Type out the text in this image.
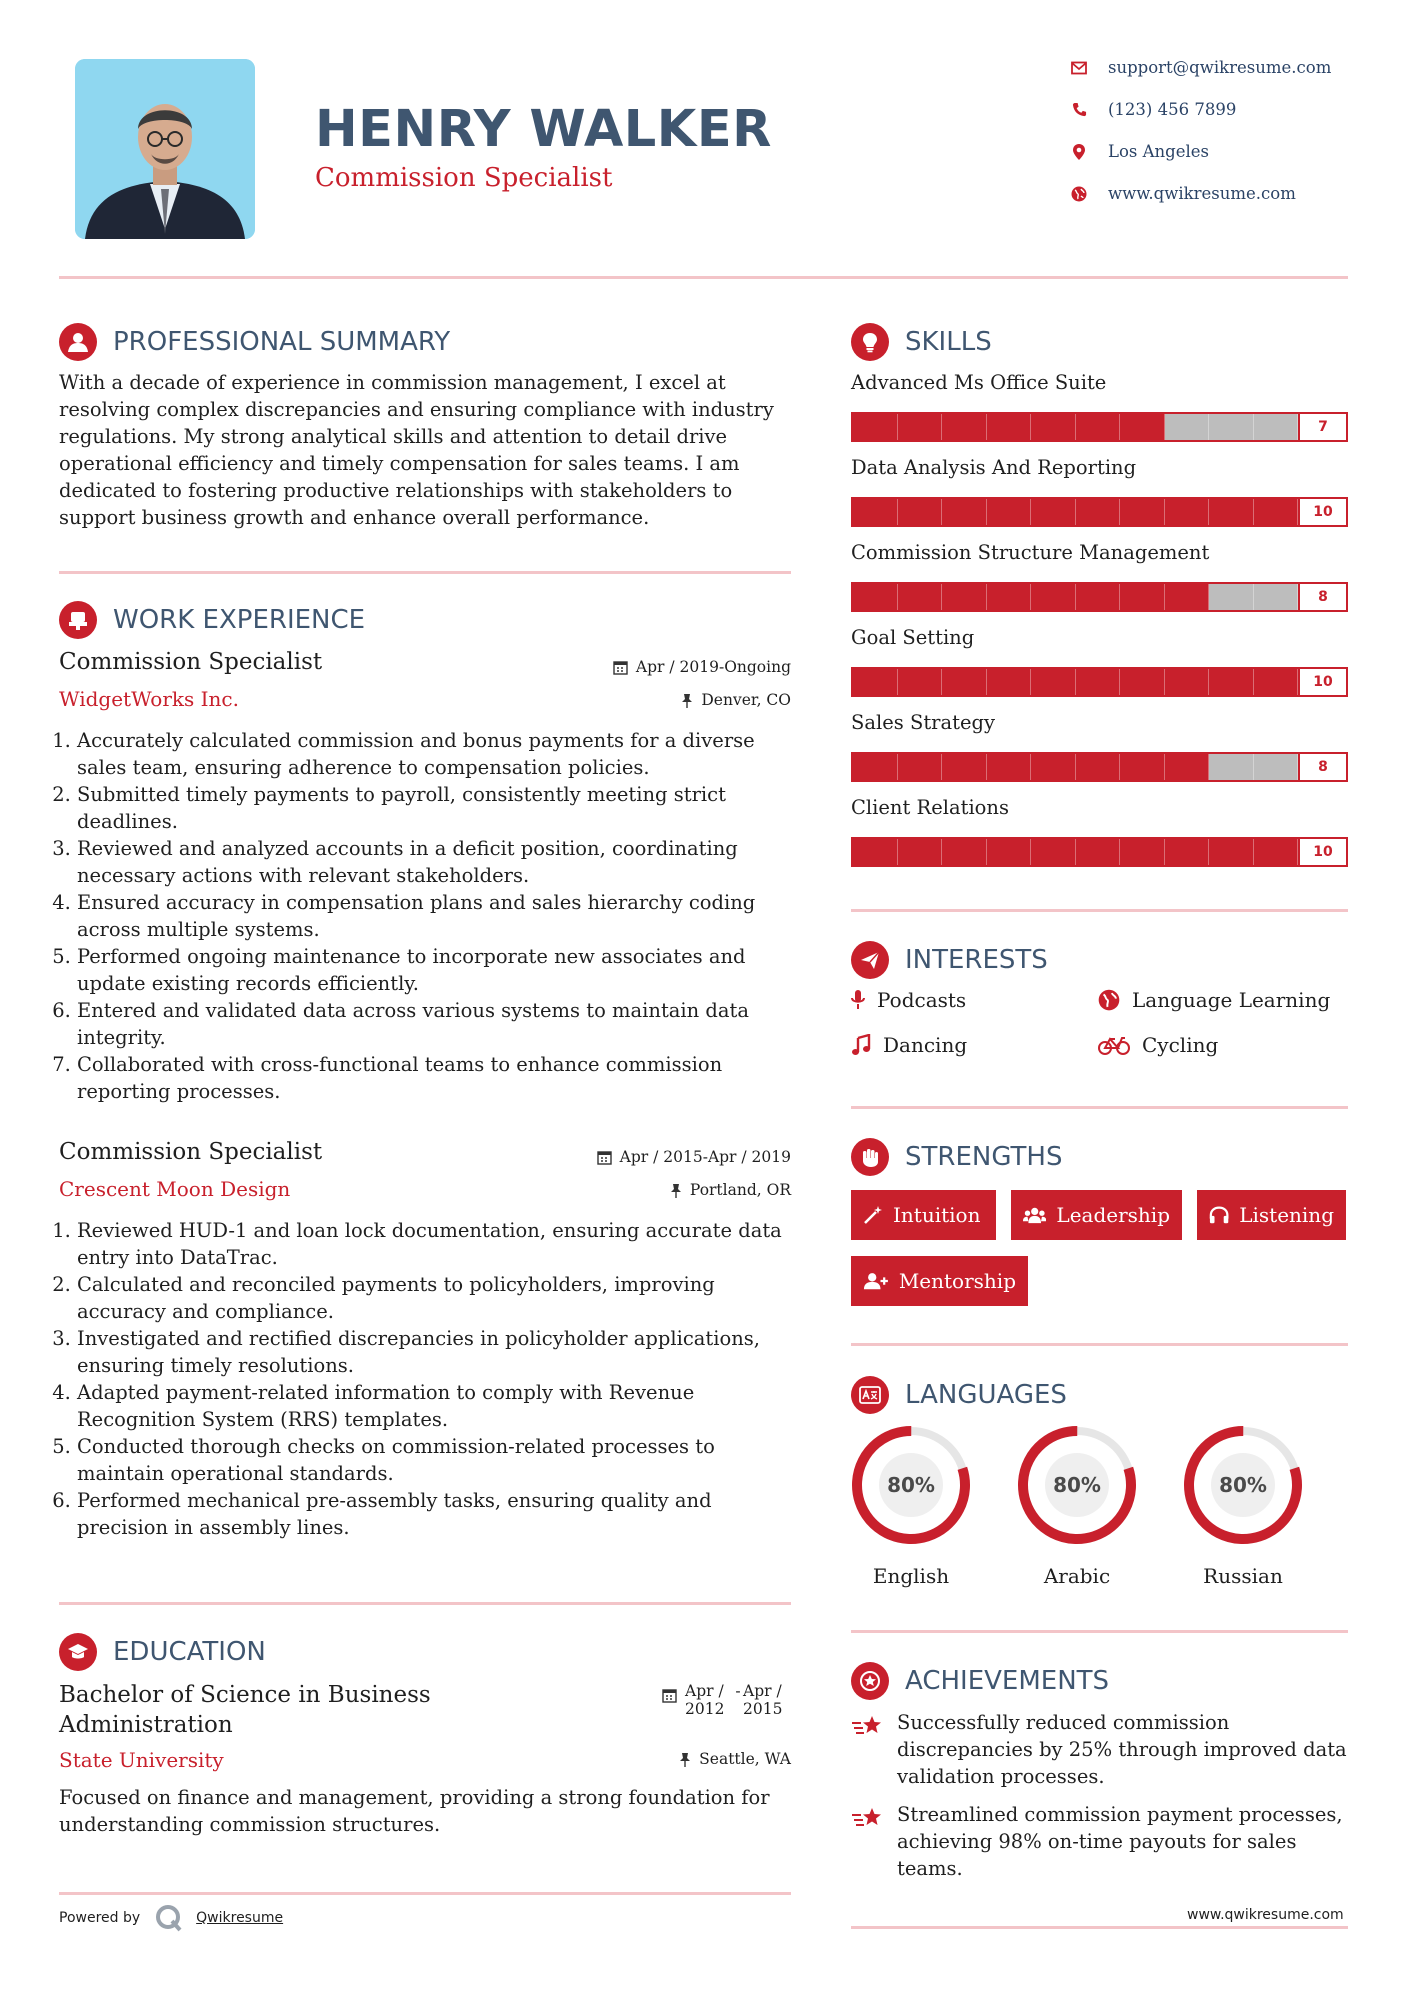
HENRY WALKER
Commission Specialist
support@qwikresume.com
(123) 456 7899
Los Angeles
www.qwikresume.com
PROFESSIONAL SUMMARY
With a decade of experience in commission management, I excel at resolving complex discrepancies and ensuring compliance with industry regulations. My strong analytical skills and attention to detail drive operational efficiency and timely compensation for sales teams. I am dedicated to fostering productive relationships with stakeholders to support business growth and enhance overall performance.
WORK EXPERIENCE
Commission Specialist	Apr / 2019-Ongoing
WidgetWorks Inc.	Denver, CO
1. Accurately calculated commission and bonus payments for a diverse sales team, ensuring adherence to compensation policies.
2. Submitted timely payments to payroll, consistently meeting strict deadlines.
3. Reviewed and analyzed accounts in a deficit position, coordinating necessary actions with relevant stakeholders.
4. Ensured accuracy in compensation plans and sales hierarchy coding across multiple systems.
5. Performed ongoing maintenance to incorporate new associates and update existing records efficiently.
6. Entered and validated data across various systems to maintain data integrity.
7. Collaborated with cross-functional teams to enhance commission reporting processes.
Commission Specialist	Apr / 2015-Apr / 2019
Crescent Moon Design	Portland, OR
1. Reviewed HUD-1 and loan lock documentation, ensuring accurate data entry into DataTrac.
2. Calculated and reconciled payments to policyholders, improving accuracy and compliance.
3. Investigated and rectified discrepancies in policyholder applications, ensuring timely resolutions.
4. Adapted payment-related information to comply with Revenue Recognition System (RRS) templates.
5. Conducted thorough checks on commission-related processes to maintain operational standards.
6. Performed mechanical pre-assembly tasks, ensuring quality and precision in assembly lines.
EDUCATION
Bachelor of Science in Business Administration
Apr / 2012
- Apr / 2015
State University	Seattle, WA
Focused on finance and management, providing a strong foundation for understanding commission structures.
Powered by	Qwikresume
SKILLS
Advanced Ms Office Suite
7
Data Analysis And Reporting
10
Commission Structure Management
8
Goal Setting
10
Sales Strategy
8
Client Relations
10
INTERESTS
Podcasts	Language Learning
Dancing	Cycling
STRENGTHS
Intuition	Leadership	Listening
Mentorship
LANGUAGES
80%
English
80%
Arabic
80%
Russian
ACHIEVEMENTS
Successfully reduced commission discrepancies by 25% through improved data validation processes.
Streamlined commission payment processes, achieving 98% on-time payouts for sales teams.
www.qwikresume.com
